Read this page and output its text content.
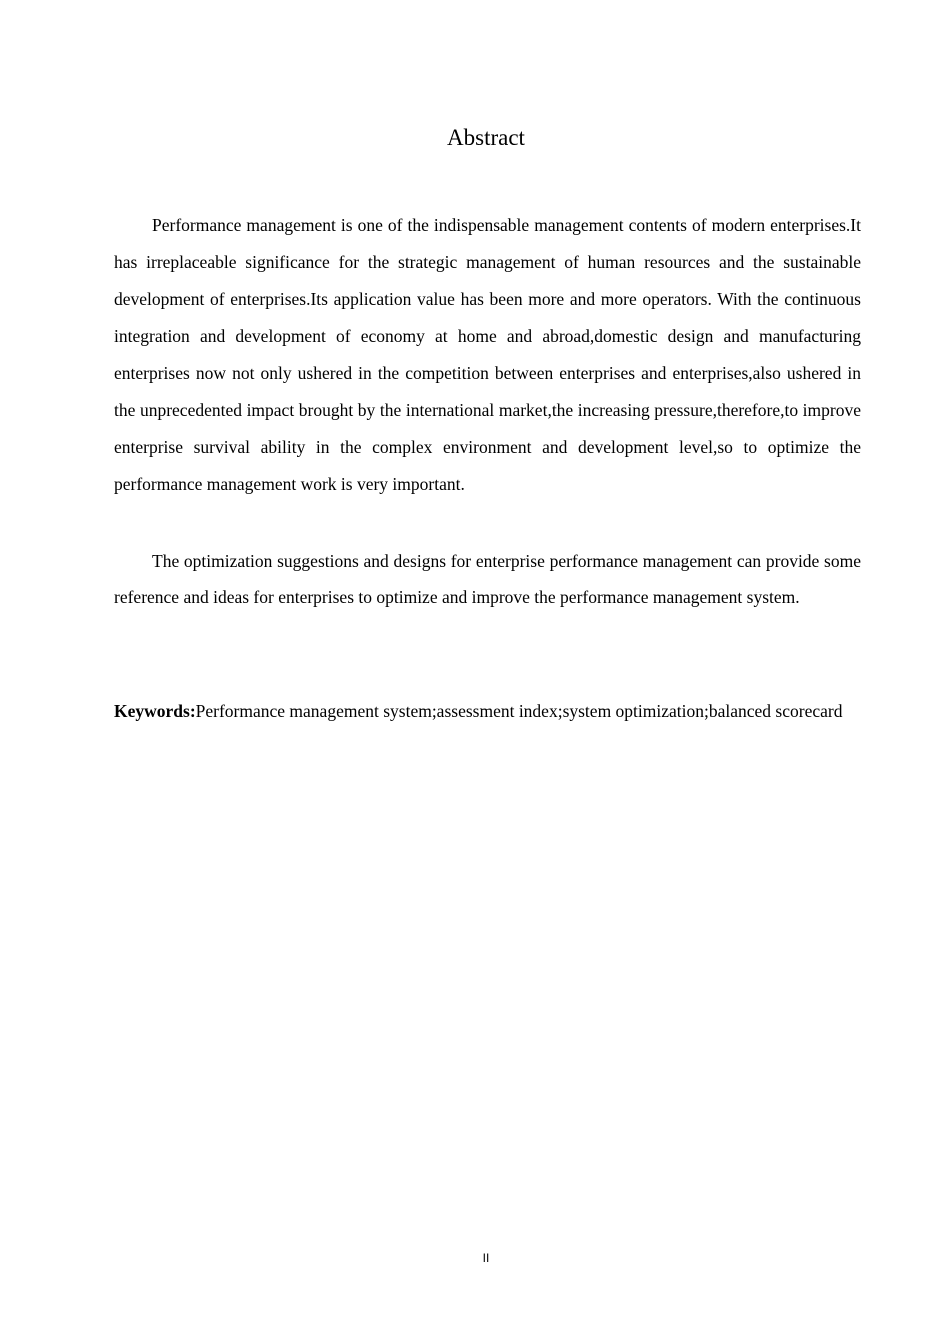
Abstract

Performance management is one of the indispensable management contents of modern enterprises.It has irreplaceable significance for the strategic management of human resources and the sustainable development of enterprises.Its application value has been more and more operators. With the continuous integration and development of economy at home and abroad,domestic design and manufacturing enterprises now not only ushered in the competition between enterprises and enterprises,also ushered in the unprecedented impact brought by the international market,the increasing pressure,therefore,to improve enterprise survival ability in the complex environment and development level,so to optimize the performance management work is very important.

The optimization suggestions and designs for enterprise performance management can provide some reference and ideas for enterprises to optimize and improve the performance management system.

Keywords:Performance management system;assessment index;system optimization;balanced scorecard

II
